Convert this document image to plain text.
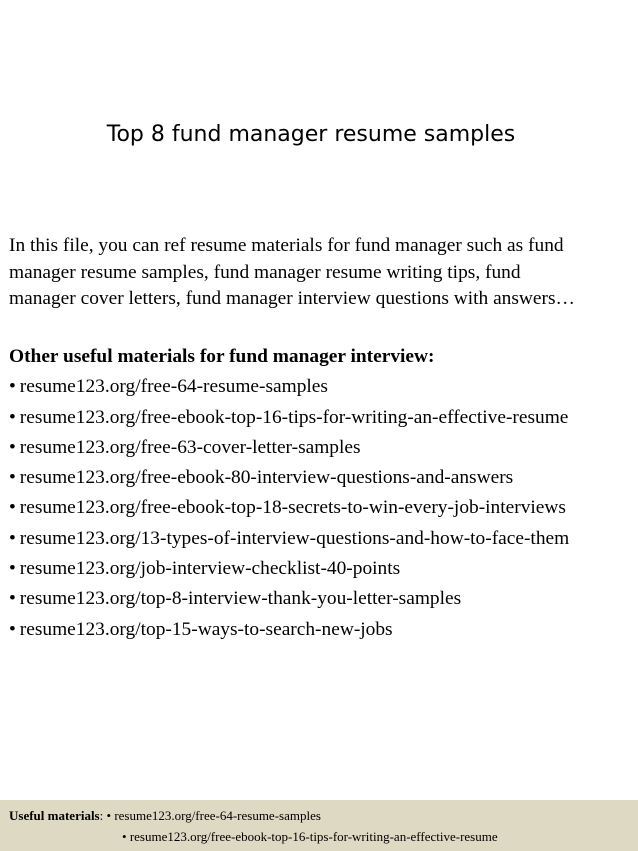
Top 8 fund manager resume samples
In this file, you can ref resume materials for fund manager such as fund
manager resume samples, fund manager resume writing tips, fund
manager cover letters, fund manager interview questions with answers…
Other useful materials for fund manager interview:
• resume123.org/free-64-resume-samples
• resume123.org/free-ebook-top-16-tips-for-writing-an-effective-resume
• resume123.org/free-63-cover-letter-samples
• resume123.org/free-ebook-80-interview-questions-and-answers
• resume123.org/free-ebook-top-18-secrets-to-win-every-job-interviews
• resume123.org/13-types-of-interview-questions-and-how-to-face-them
• resume123.org/job-interview-checklist-40-points
• resume123.org/top-8-interview-thank-you-letter-samples
• resume123.org/top-15-ways-to-search-new-jobs
Useful materials: • resume123.org/free-64-resume-samples
• resume123.org/free-ebook-top-16-tips-for-writing-an-effective-resume
